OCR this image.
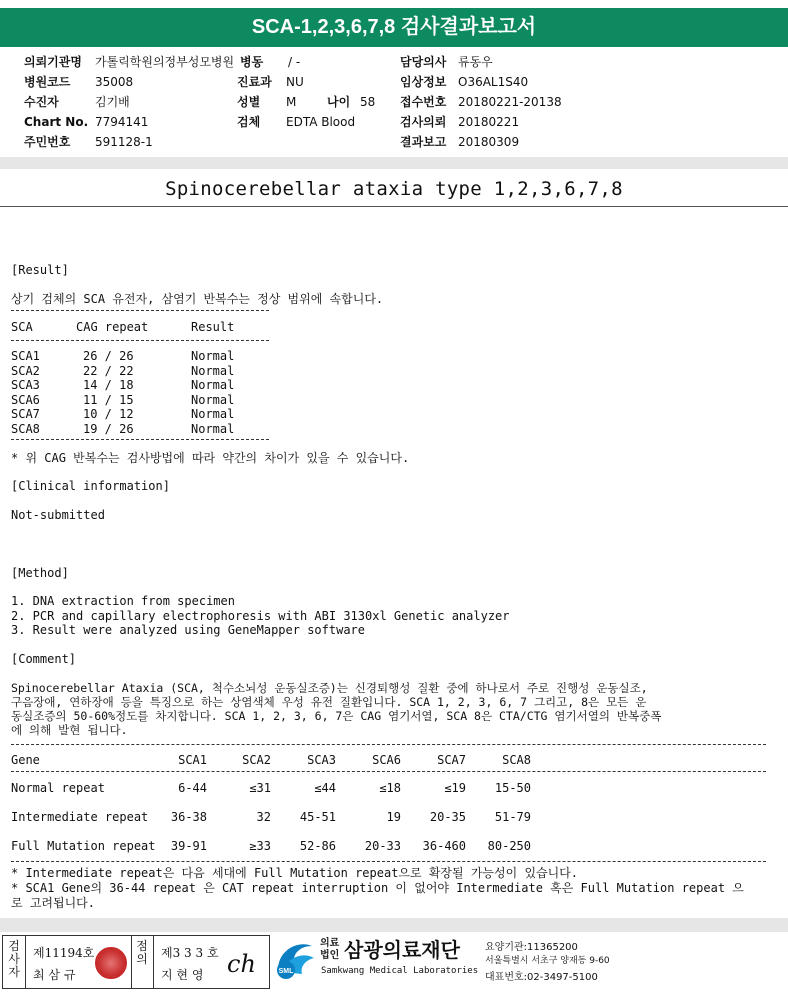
SCA-1,2,3,6,7,8 검사결과보고서
의뢰기관명 가톨릭학원의정부성모병원 병동 / -	담당의사 류동우
병원코드 35008	진료과 NU	임상정보 O36AL1S40
수진자	김기배	성별 M	나이 58 접수번호 20180221-20138
Chart No. 7794141	검체 EDTA Blood	검사의뢰 20180221
주민번호 591128-1	결과보고 20180309
Spinocerebellar ataxia type 1,2,3,6,7,8
[Result]
상기 검체의 SCA 유전자, 삼염기 반복수는 정상 범위에 속합니다.
SCA	CAG repeat	Result
SCA1	26 / 26	Normal
SCA2	22 / 22	Normal
SCA3	14 / 18	Normal
SCA6	11 / 15	Normal
SCA7	10 / 12	Normal
SCA8	19 / 26	Normal
* 위 CAG 반복수는 검사방법에 따라 약간의 차이가 있을 수 있습니다.
[Clinical information]
Not-submitted
[Method]
1. DNA extraction from specimen
2. PCR and capillary electrophoresis with ABI 3130xl Genetic analyzer
3. Result were analyzed using GeneMapper software
[Comment]
Spinocerebellar Ataxia (SCA, 척수소뇌성 운동실조증)는 신경퇴행성 질환 중에 하나로서 주로 진행성 운동실조,
구음장애, 연하장애 등을 특징으로 하는 상염색체 우성 유전 질환입니다. SCA 1, 2, 3, 6, 7 그리고, 8은 모든 운
동실조증의 50-60%정도를 차지합니다. SCA 1, 2, 3, 6, 7은 CAG 염기서열, SCA 8은 CTA/CTG 염기서열의 반복중폭
에 의해 발현 됩니다.
Gene	SCA1	SCA2	SCA3	SCA6	SCA7	SCA8
Normal repeat	6-44	≤31	≤44	≤18	≤19	15-50
Intermediate repeat	36-38	32	45-51	19	20-35	51-79
Full Mutation repeat	39-91	≥33	52-86	20-33	36-460	80-250
* Intermediate repeat은 다음 세대에 Full Mutation repeat으로 확장될 가능성이 있습니다.
* SCA1 Gene의 36-44 repeat 은 CAT repeat interruption 이 없어야 Intermediate 혹은 Full Mutation repeat 으
로 고려됩니다.
검사자
제11194호
최 삼 규
점의 제3 3 3 호
지 현 영 ch	SML
의료
법인 삼광의료재단
Samkwang Medical Laboratories
요양기관:11365200
서울특별시 서초구 양재동 9-60
대표번호:02-3497-5100
